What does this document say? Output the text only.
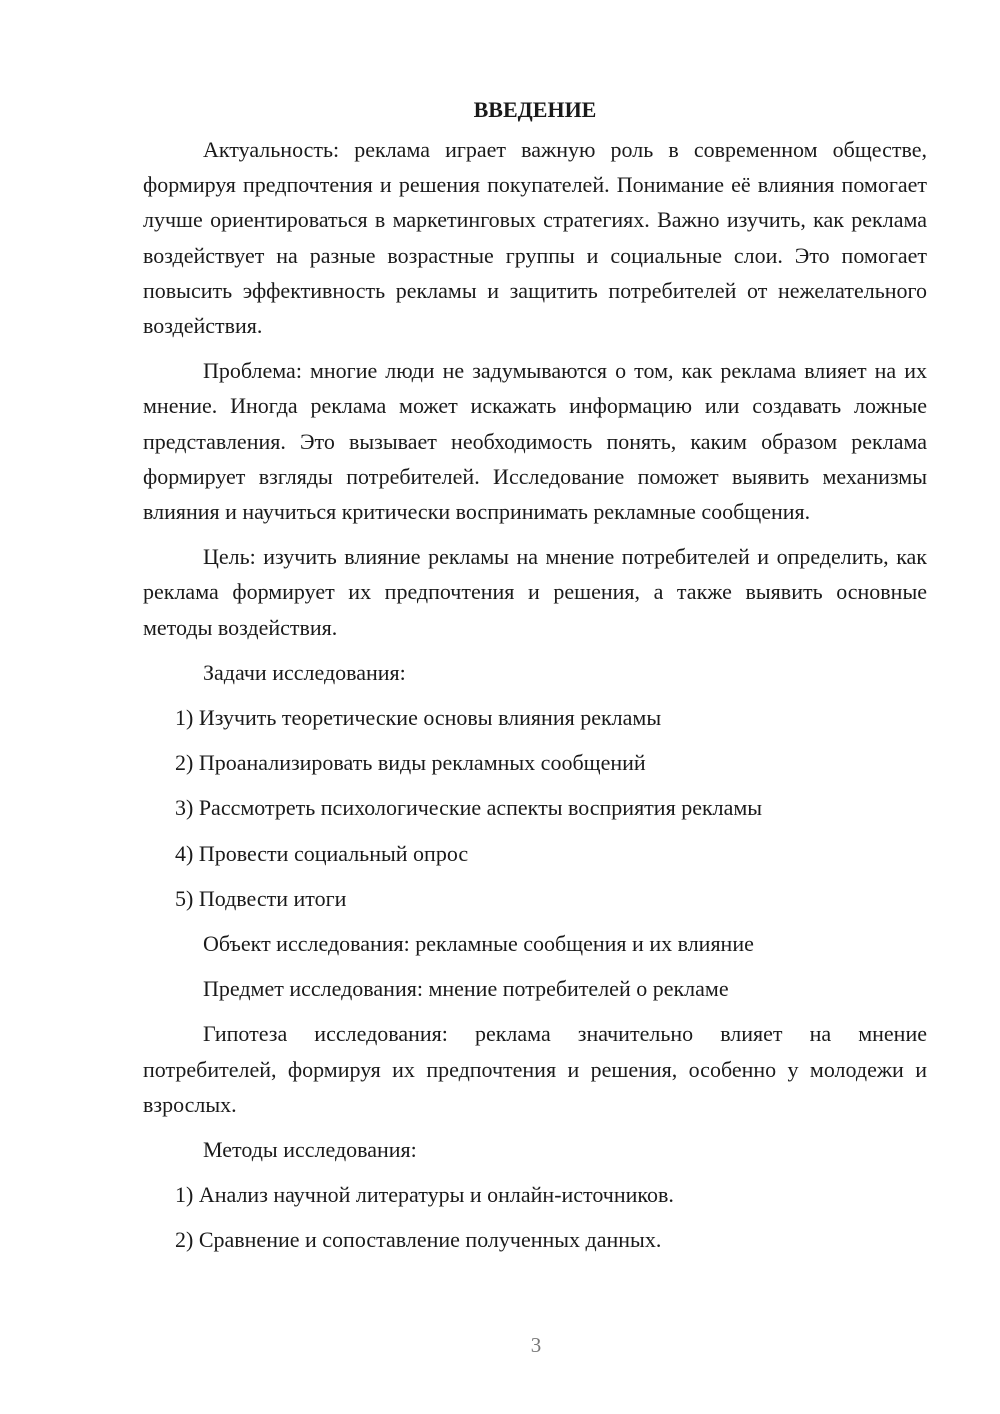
ВВЕДЕНИЕ

Актуальность: реклама играет важную роль в современном обществе, формируя предпочтения и решения покупателей. Понимание её влияния помогает лучше ориентироваться в маркетинговых стратегиях. Важно изучить, как реклама воздействует на разные возрастные группы и социальные слои. Это помогает повысить эффективность рекламы и защитить потребителей от нежелательного воздействия.

Проблема: многие люди не задумываются о том, как реклама влияет на их мнение. Иногда реклама может искажать информацию или создавать ложные представления. Это вызывает необходимость понять, каким образом реклама формирует взгляды потребителей. Исследование поможет выявить механизмы влияния и научиться критически воспринимать рекламные сообщения.

Цель: изучить влияние рекламы на мнение потребителей и определить, как реклама формирует их предпочтения и решения, а также выявить основные методы воздействия.

Задачи исследования:

1) Изучить теоретические основы влияния рекламы

2) Проанализировать виды рекламных сообщений

3) Рассмотреть психологические аспекты восприятия рекламы

4) Провести социальный опрос

5) Подвести итоги

Объект исследования: рекламные сообщения и их влияние

Предмет исследования: мнение потребителей о рекламе

Гипотеза исследования: реклама значительно влияет на мнение потребителей, формируя их предпочтения и решения, особенно у молодежи и взрослых.

Методы исследования:

1) Анализ научной литературы и онлайн-источников.

2) Сравнение и сопоставление полученных данных.

3
